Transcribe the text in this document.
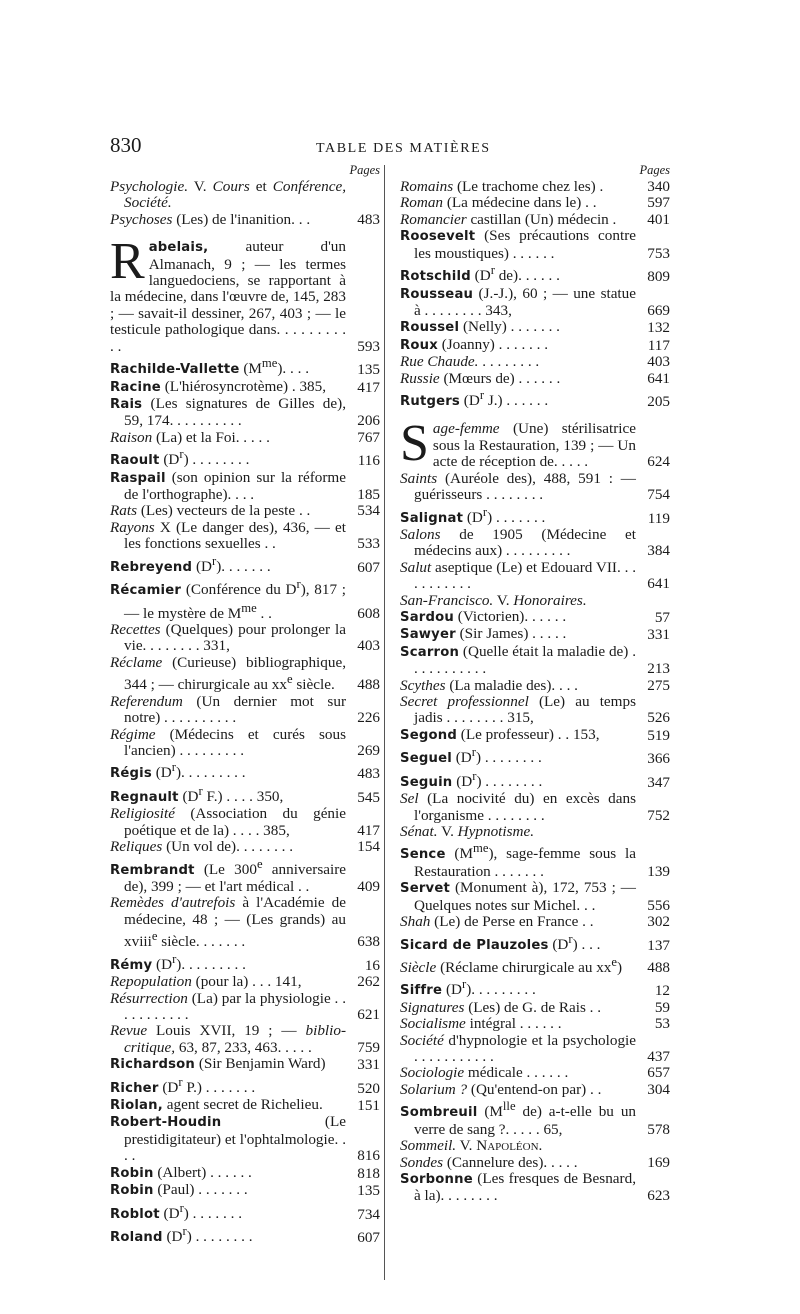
830	TABLE DES MATIÈRES
Pages
Psychologie. V. Cours et Conférence, Société.
Psychoses (Les) de l'inanition. . .	483
Rabelais, auteur d'un Almanach, 9 ; — les termes languedociens, se rapportant à la médecine, dans l'œuvre de, 145, 283 ; — savait-il dessiner, 267, 403 ; — le testicule pathologique dans. . . . . . . . . . .	593
Rachilde-Vallette $(M^{me})$. . . .	135
Racine (L'hiérosyncrotème) . 385,	417
Rais (Les signatures de Gilles de), 59, 174. . . . . . . . . .	206
Raison (La) et la Foi. . . . .	767
Raoult $(D^r)$ . . . . . . . .	116
Raspail (son opinion sur la réforme de l'orthographe). . . .	185
Rats (Les) vecteurs de la peste . .	534
Rayons X (Le danger des), 436, — et les fonctions sexuelles . .	533
Rebreyend $(D^r)$. . . . . . .	607
Récamier (Conférence du $D^r$), 817 ; — le mystère de $M^{me}$ . .	608
Recettes (Quelques) pour prolonger la vie. . . . . . . . 331,	403
Réclame (Curieuse) bibliographique, 344 ; — chirurgicale au $xx^e$ siècle.	488
Referendum (Un dernier mot sur notre) . . . . . . . . . .	226
Régime (Médecins et curés sous l'ancien) . . . . . . . . .	269
Régis $(D^r)$. . . . . . . . .	483
Regnault ($D^r$ F.) . . . . 350,	545
Religiosité (Association du génie poétique et de la) . . . . 385,	417
Reliques (Un vol de). . . . . . . .	154
Rembrandt (Le 300e anniversaire de), 399 ; — et l'art médical . .	409
Remèdes d'autrefois à l'Académie de médecine, 48 ; — (Les grands) au xviii$^e$ siècle. . . . . . .	638
Rémy $(D^r)$. . . . . . . . .	16
Repopulation (pour la) . . . 141,	262
Résurrection (La) par la physiologie . . . . . . . . . . .	621
Revue Louis XVII, 19 ; — biblio-critique, 63, 87, 233, 463. . . . .	759
Richardson (Sir Benjamin Ward)	331
Richer ($D^r$ P.) . . . . . . .	520
Riolan, agent secret de Richelieu.	151
Robert-Houdin (Le prestidigitateur) et l'ophtalmologie. . . .	816
Robin (Albert) . . . . . .	818
Robin (Paul) . . . . . . .	135
Roblot $(D^r)$ . . . . . . .	734
Roland $(D^r)$ . . . . . . . .	607
Pages
Romains (Le trachome chez les) .	340
Roman (La médecine dans le) . .	597
Romancier castillan (Un) médecin .	401
Roosevelt (Ses précautions contre les moustiques) . . . . . .	753
Rotschild ($D^r$ de). . . . . .	809
Rousseau (J.-J.), 60 ; — une statue à . . . . . . . . 343,	669
Roussel (Nelly) . . . . . . .	132
Roux (Joanny) . . . . . . .	117
Rue Chaude. . . . . . . . .	403
Russie (Mœurs de) . . . . . .	641
Rutgers ($D^r$ J.) . . . . . .	205
Sage-femme (Une) stérilisatrice sous la Restauration, 139 ; — Un acte de réception de. . . . .	624
Saints (Auréole des), 488, 591 : — guérisseurs . . . . . . . .	754
Salignat $(D^r)$ . . . . . . .	119
Salons de 1905 (Médecine et médecins aux) . . . . . . . . .	384
Salut aseptique (Le) et Edouard VII. . . . . . . . . . .	641
San-Francisco. V. Honoraires.
Sardou (Victorien). . . . . .	57
Sawyer (Sir James) . . . . .	331
Scarron (Quelle était la maladie de) . . . . . . . . . . .	213
Scythes (La maladie des). . . .	275
Secret professionnel (Le) au temps jadis . . . . . . . . 315,	526
Segond (Le professeur) . . 153,	519
Seguel $(D^r)$ . . . . . . . .	366
Seguin $(D^r)$ . . . . . . . .	347
Sel (La nocivité du) en excès dans l'organisme . . . . . . . .	752
Sénat. V. Hypnotisme.
Sence $(M^{me})$, sage-femme sous la Restauration . . . . . . .	139
Servet (Monument à), 172, 753 ; — Quelques notes sur Michel. . .	556
Shah (Le) de Perse en France . .	302
Sicard de Plauzoles $(D^r)$ . . .	137
Siècle (Réclame chirurgicale au $xx^e$)	488
Siffre $(D^r)$. . . . . . . . .	12
Signatures (Les) de G. de Rais . .	59
Socialisme intégral . . . . . .	53
Société d'hypnologie et la psychologie . . . . . . . . . . .	437
Sociologie médicale . . . . . .	657
Solarium ? (Qu'entend-on par) . .	304
Sombreuil ($M^{lle}$ de) a-t-elle bu un verre de sang ?. . . . . 65,	578
Sommeil. V. Napoléon.
Sondes (Cannelure des). . . . .	169
Sorbonne (Les fresques de Besnard, à la). . . . . . . .	623
